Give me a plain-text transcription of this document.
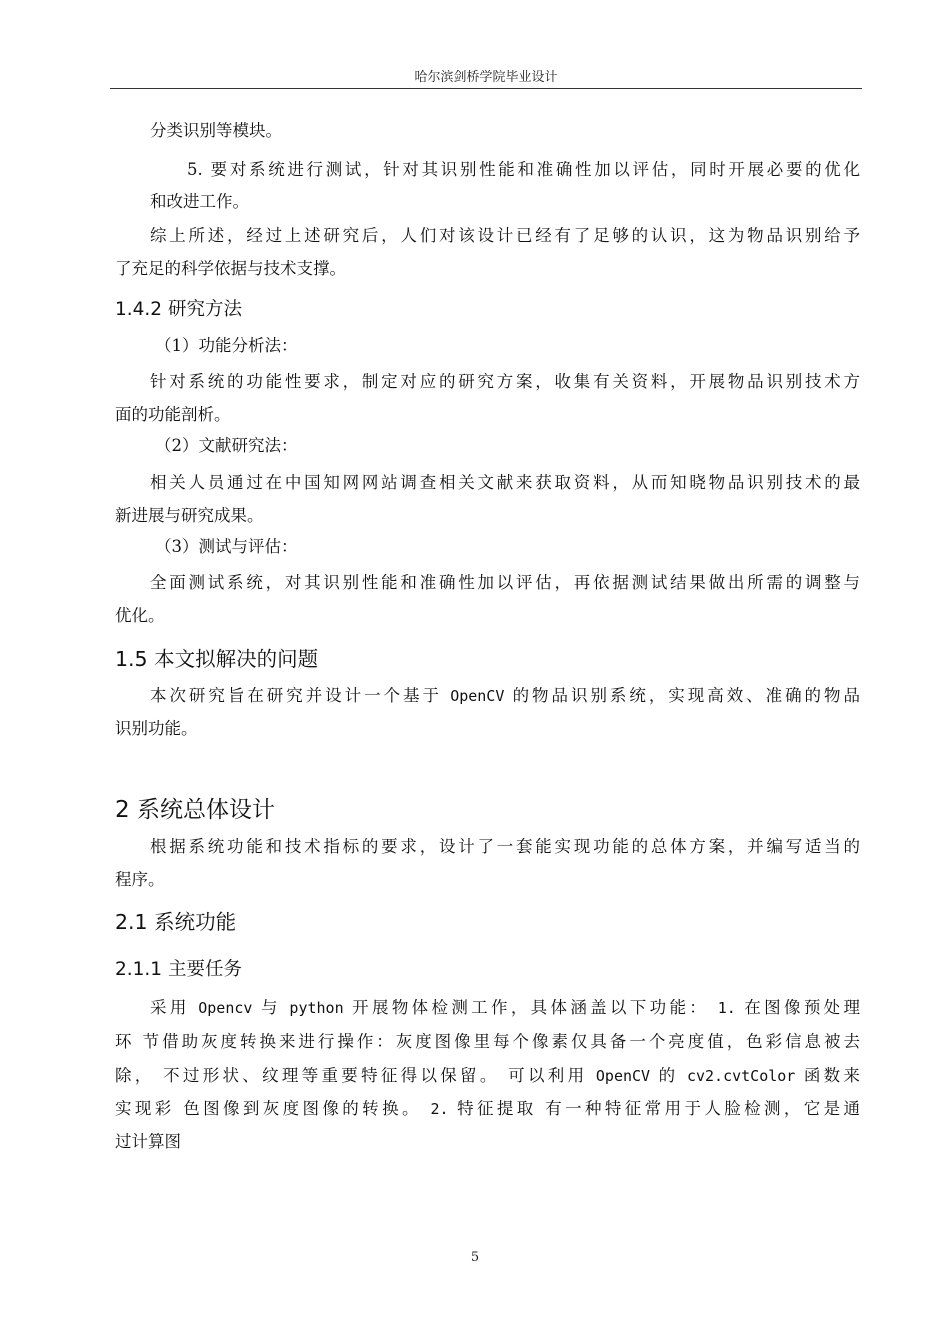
哈尔滨剑桥学院毕业设计
分类识别等模块。
5. 要对系统进行测试，针对其识别性能和准确性加以评估，同时开展必要的优化
和改进工作。
综上所述，经过上述研究后，人们对该设计已经有了足够的认识，这为物品识别给予
了充足的科学依据与技术支撑。
1.4.2 研究方法
（1）功能分析法：
针对系统的功能性要求，制定对应的研究方案，收集有关资料，开展物品识别技术方
面的功能剖析。
（2）文献研究法：
相关人员通过在中国知网网站调查相关文献来获取资料，从而知晓物品识别技术的最
新进展与研究成果。
（3）测试与评估：
全面测试系统，对其识别性能和准确性加以评估，再依据测试结果做出所需的调整与
优化。
1.5 本文拟解决的问题
本次研究旨在研究并设计一个基于 OpenCV 的物品识别系统，实现高效、准确的物品
识别功能。
2 系统总体设计
根据系统功能和技术指标的要求，设计了一套能实现功能的总体方案，并编写适当的
程序。
2.1 系统功能
2.1.1 主要任务
采用 Opencv 与 python 开展物体检测工作，具体涵盖以下功能： 1. 在图像预处理
环 节借助灰度转换来进行操作：灰度图像里每个像素仅具备一个亮度值，色彩信息被去
除， 不过形状、纹理等重要特征得以保留。 可以利用 OpenCV 的 cv2.cvtColor 函数来
实现彩 色图像到灰度图像的转换。 2. 特征提取 有一种特征常用于人脸检测，它是通
过计算图
5
